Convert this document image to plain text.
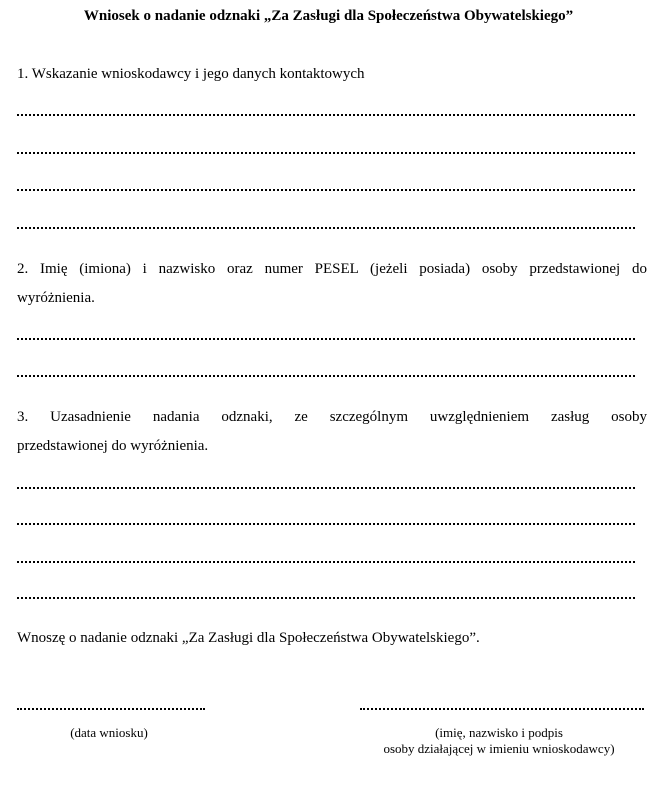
Wniosek o nadanie odznaki „Za Zasługi dla Społeczeństwa Obywatelskiego”
1. Wskazanie wnioskodawcy i jego danych kontaktowych
2. Imię (imiona) i nazwisko oraz numer PESEL (jeżeli posiada) osoby przedstawionej do
wyróżnienia.
3. Uzasadnienie nadania odznaki, ze szczególnym uwzględnieniem zasług osoby
przedstawionej do wyróżnienia.
Wnoszę o nadanie odznaki „Za Zasługi dla Społeczeństwa Obywatelskiego”.
(data wniosku)	(imię, nazwisko i podpis
osoby działającej w imieniu wnioskodawcy)
